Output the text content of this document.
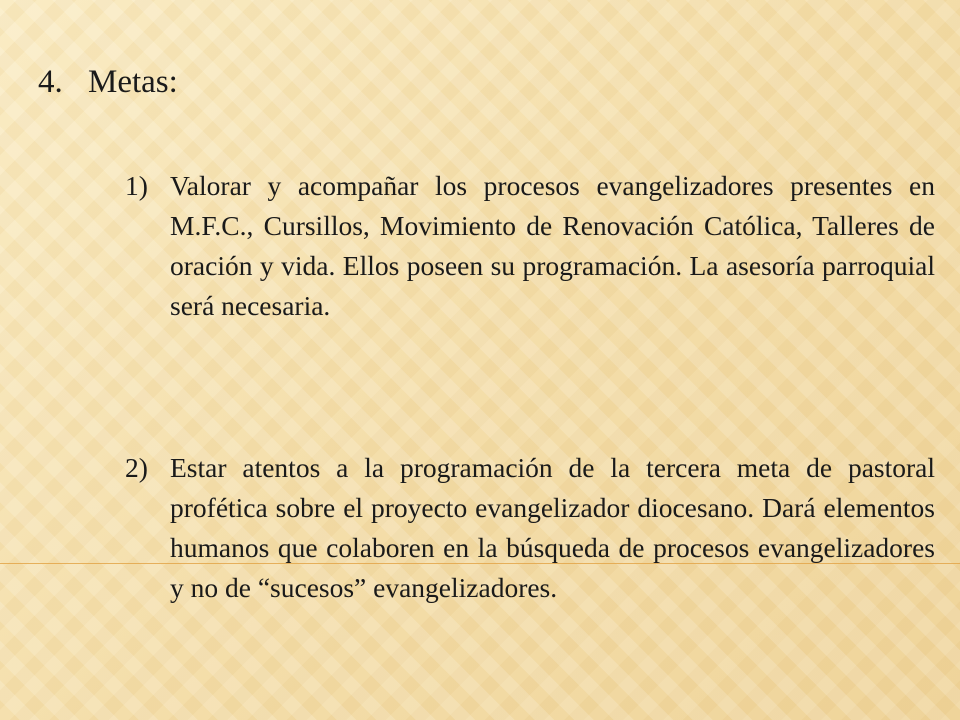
4. Metas:
1) Valorar y acompañar los procesos evangelizadores presentes en M.F.C., Cursillos, Movimiento de Renovación Católica, Talleres de oración y vida. Ellos poseen su programación. La asesoría parroquial será necesaria.
2) Estar atentos a la programación de la tercera meta de pastoral profética sobre el proyecto evangelizador diocesano. Dará elementos humanos que colaboren en la búsqueda de procesos evangelizadores y no de “sucesos” evangelizadores.
